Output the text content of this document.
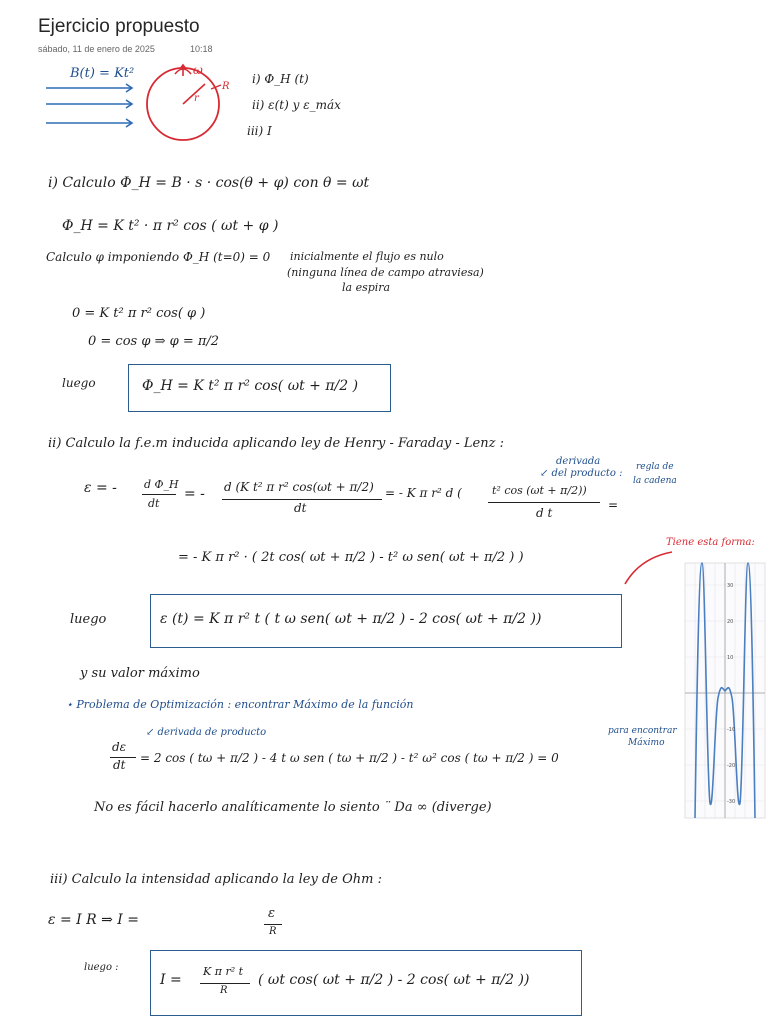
Ejercicio propuesto
sábado, 11 de enero de 2025	10:18
B(t) = Kt²	ω
r
R
i) Φ_H (t)
ii) ε(t) y ε_máx
iii) I
i) Calculo Φ_H = B · s · cos(θ + φ) con θ = ωt
Φ_H = K t² · π r² cos ( ωt + φ )
Calculo φ imponiendo Φ_H (t=0) = 0 inicialmente el flujo es nulo
(ninguna línea de campo atraviesa)
la espira
0 = K t² π r² cos( φ )
0 = cos φ ⇒ φ = π/2
luego	Φ_H = K t² π r² cos( ωt + π/2 )
ii) Calculo la f.e.m inducida aplicando ley de Henry - Faraday - Lenz :
derivada
↙ del producto :
regla de
la cadena
ε = - d Φ_H
dt
= - d (K t² π r² cos(ωt + π/2)
dt
= - K π r² d (	t² cos (ωt + π/2))
d t
=
= - K π r² · ( 2t cos( ωt + π/2 ) - t² ω sen( ωt + π/2 ) )
luego	ε (t) = K π r² t ( t ω sen( ωt + π/2 ) - 2 cos( ωt + π/2 ))
y su valor máximo
⋆ Problema de Optimización : encontrar Máximo de la función
↙ derivada de producto	para encontrar
Máximo
dε
dt = 2 cos ( tω + π/2 ) - 4 t ω sen ( tω + π/2 ) - t² ω² cos ( tω + π/2 ) = 0
No es fácil hacerlo analíticamente lo siento ¨ Da ∞ (diverge)
Tiene esta forma:
30
20
10
-10
-20
-30
iii) Calculo la intensidad aplicando la ley de Ohm :
ε = I R ⇒ I =	ε
R
luego :
I =
K π r² t
R
( ωt cos( ωt + π/2 ) - 2 cos( ωt + π/2 ))
